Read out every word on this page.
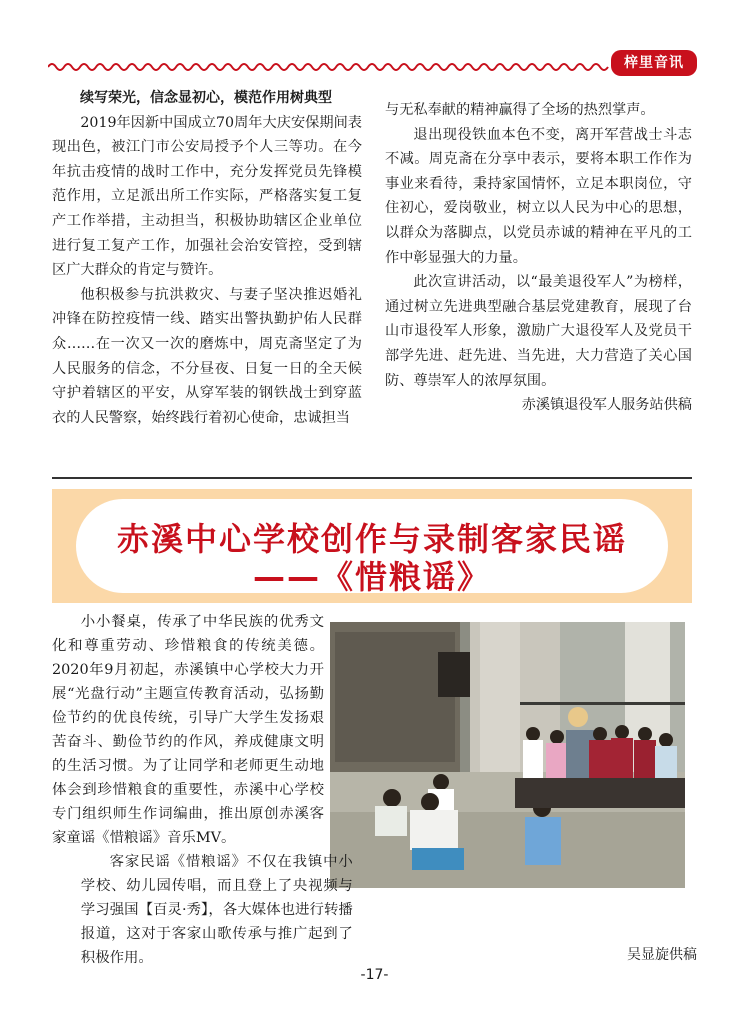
梓里音讯

续写荣光，信念显初心，模范作用树典型

2019年因新中国成立70周年大庆安保期间表现出色，被江门市公安局授予个人三等功。在今年抗击疫情的战时工作中，充分发挥党员先锋模范作用，立足派出所工作实际，严格落实复工复产工作举措，主动担当，积极协助辖区企业单位进行复工复产工作，加强社会治安管控，受到辖区广大群众的肯定与赞许。

他积极参与抗洪救灾、与妻子坚决推迟婚礼冲锋在防控疫情一线、踏实出警执勤护佑人民群众……在一次又一次的磨炼中，周克斋坚定了为人民服务的信念，不分昼夜、日复一日的全天候守护着辖区的平安，从穿军装的钢铁战士到穿蓝衣的人民警察，始终践行着初心使命，忠诚担当

与无私奉献的精神赢得了全场的热烈掌声。

退出现役铁血本色不变，离开军营战士斗志不减。周克斋在分享中表示，要将本职工作作为事业来看待，秉持家国情怀，立足本职岗位，守住初心，爱岗敬业，树立以人民为中心的思想，以群众为落脚点，以党员赤诚的精神在平凡的工作中彰显强大的力量。

此次宣讲活动，以“最美退役军人”为榜样，通过树立先进典型融合基层党建教育，展现了台山市退役军人形象，激励广大退役军人及党员干部学先进、赶先进、当先进，大力营造了关心国防、尊崇军人的浓厚氛围。

赤溪镇退役军人服务站供稿

赤溪中心学校创作与录制客家民谣
——《惜粮谣》

小小餐桌，传承了中华民族的优秀文化和尊重劳动、珍惜粮食的传统美德。2020年9月初起，赤溪镇中心学校大力开展“光盘行动”主题宣传教育活动，弘扬勤俭节约的优良传统，引导广大学生发扬艰苦奋斗、勤俭节约的作风，养成健康文明的生活习惯。为了让同学和老师更生动地体会到珍惜粮食的重要性，赤溪中心学校专门组织师生作词编曲，推出原创赤溪客家童谣《惜粮谣》音乐MV。

客家民谣《惜粮谣》不仅在我镇中小学校、幼儿园传唱，而且登上了央视频与学习强国【百灵·秀】，各大媒体也进行转播报道，这对于客家山歌传承与推广起到了积极作用。	吴显旋供稿
-17-
